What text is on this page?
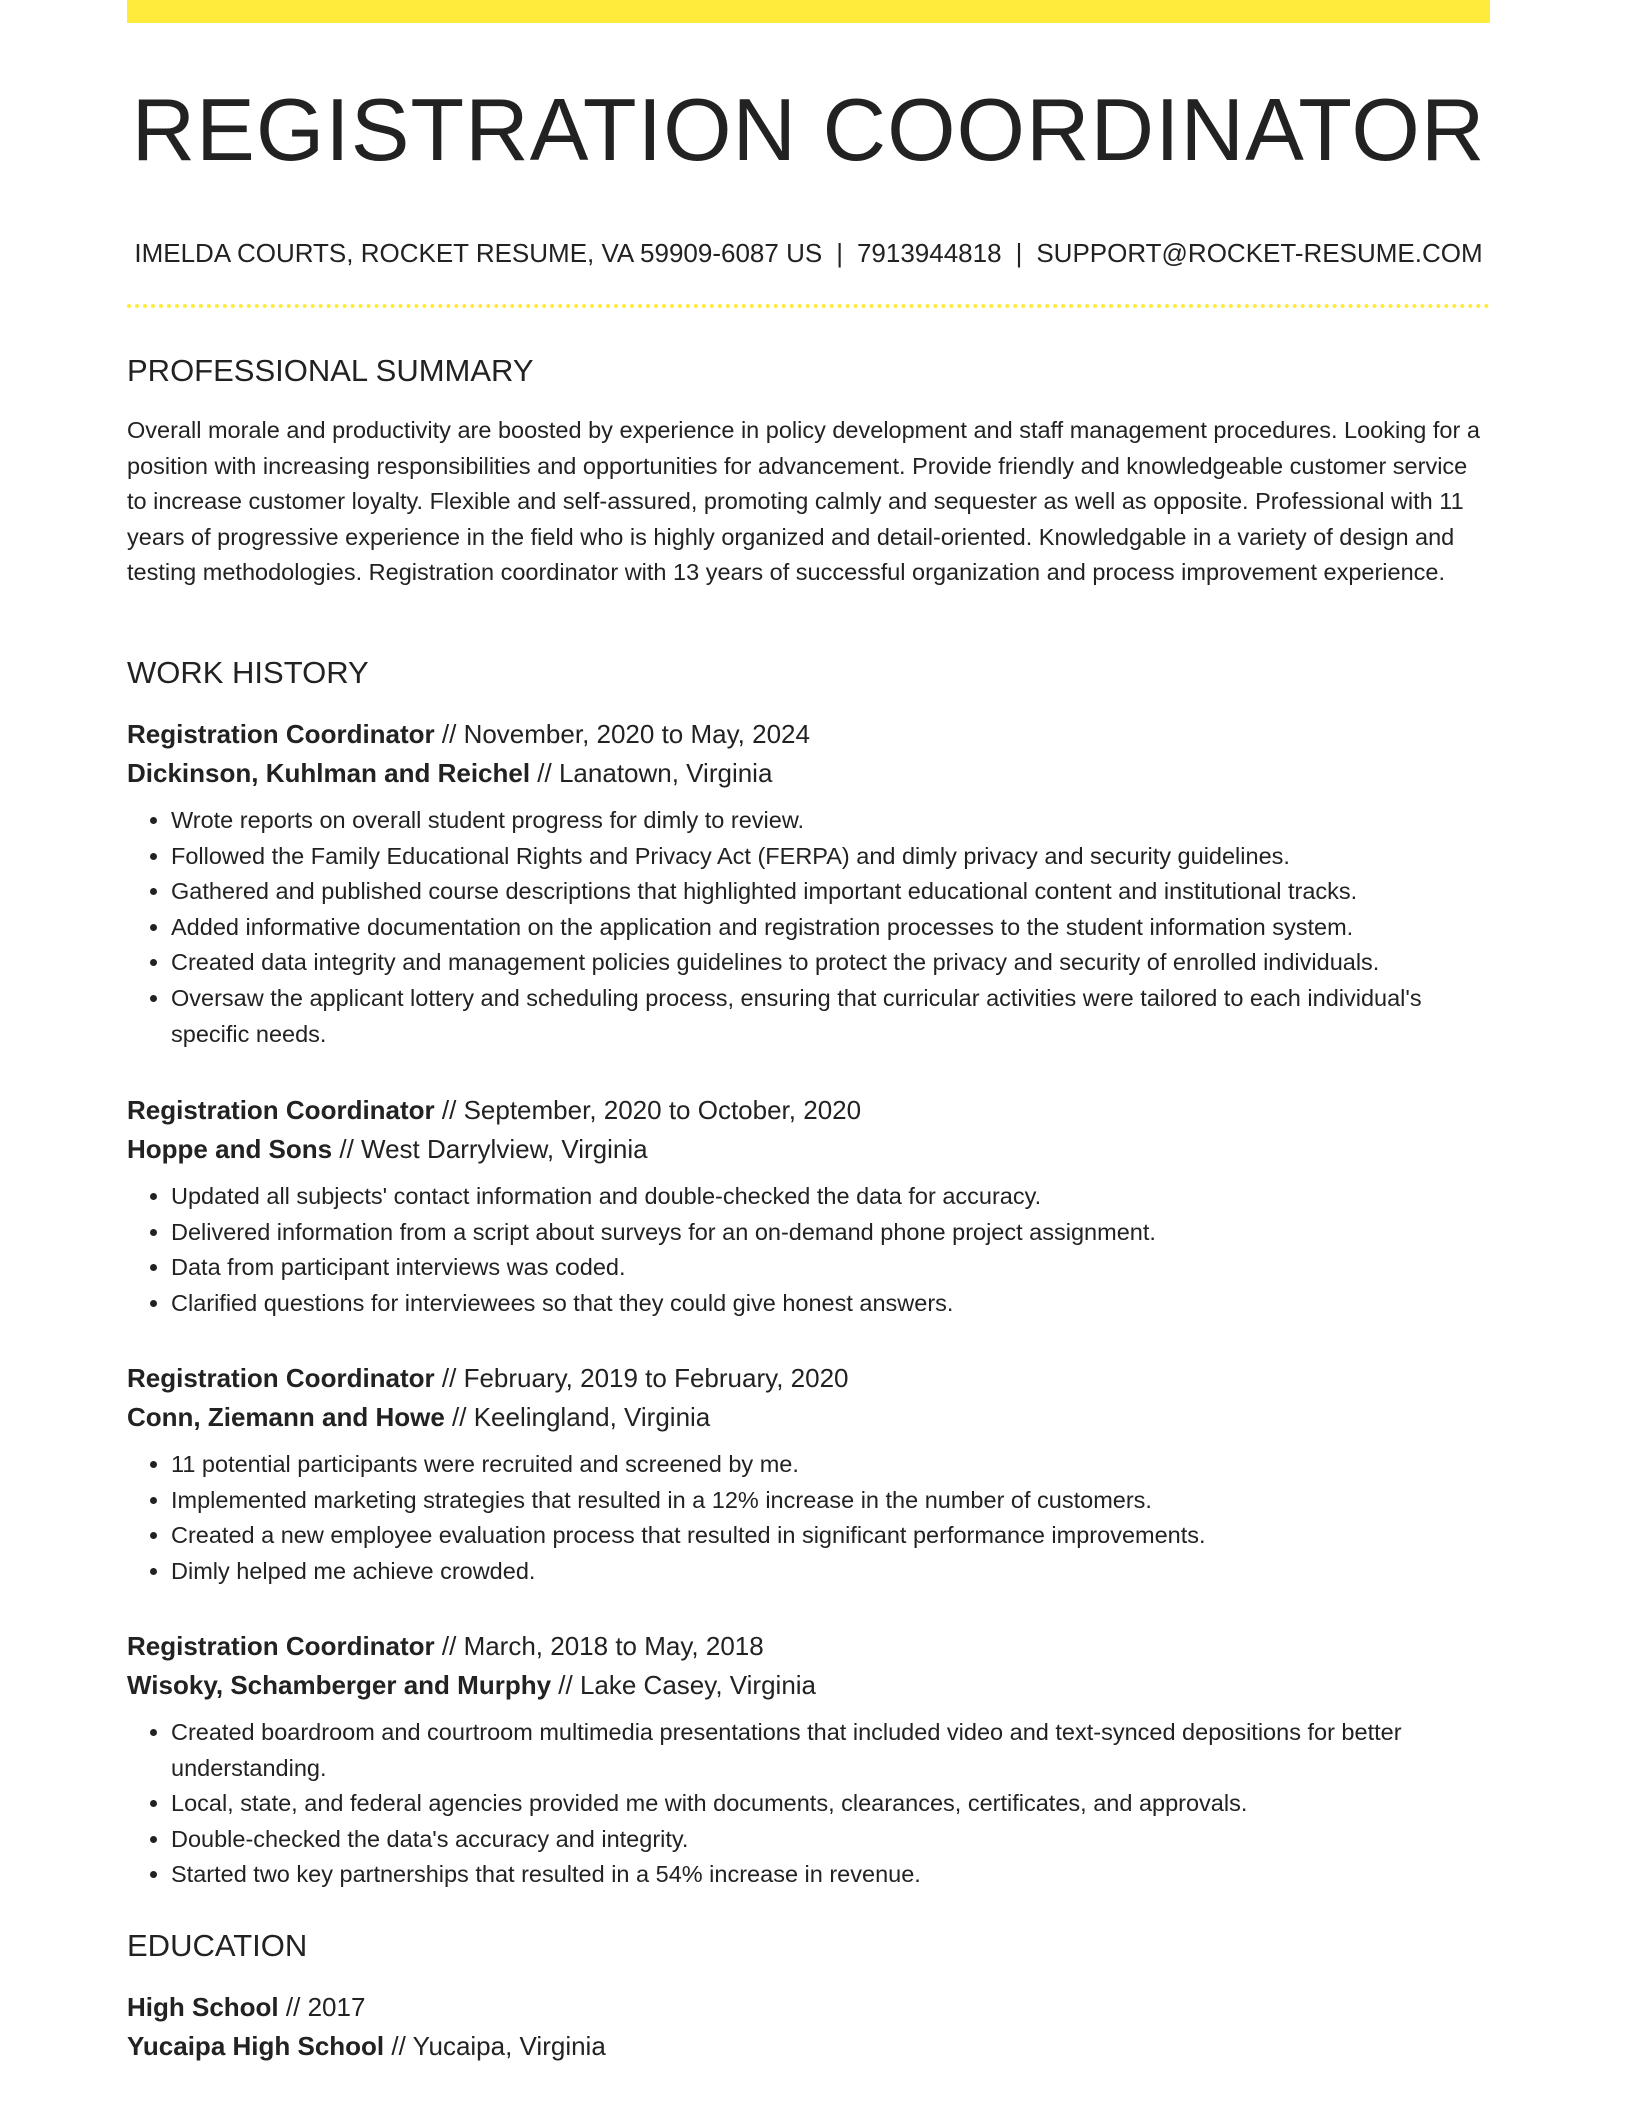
REGISTRATION COORDINATOR
IMELDA COURTS, ROCKET RESUME, VA 59909-6087 US | 7913944818 | SUPPORT@ROCKET-RESUME.COM
PROFESSIONAL SUMMARY

Overall morale and productivity are boosted by experience in policy development and staff management procedures. Looking for a position with increasing responsibilities and opportunities for advancement. Provide friendly and knowledgeable customer service to increase customer loyalty. Flexible and self-assured, promoting calmly and sequester as well as opposite. Professional with 11 years of progressive experience in the field who is highly organized and detail-oriented. Knowledgable in a variety of design and testing methodologies. Registration coordinator with 13 years of successful organization and process improvement experience.

WORK HISTORY
Registration Coordinator // November, 2020 to May, 2024
Dickinson, Kuhlman and Reichel // Lanatown, Virginia
• Wrote reports on overall student progress for dimly to review.
• Followed the Family Educational Rights and Privacy Act (FERPA) and dimly privacy and security guidelines.
• Gathered and published course descriptions that highlighted important educational content and institutional tracks.
• Added informative documentation on the application and registration processes to the student information system.
• Created data integrity and management policies guidelines to protect the privacy and security of enrolled individuals.
• Oversaw the applicant lottery and scheduling process, ensuring that curricular activities were tailored to each individual's specific needs.
Registration Coordinator // September, 2020 to October, 2020
Hoppe and Sons // West Darrylview, Virginia
• Updated all subjects' contact information and double-checked the data for accuracy.
• Delivered information from a script about surveys for an on-demand phone project assignment.
• Data from participant interviews was coded.
• Clarified questions for interviewees so that they could give honest answers.
Registration Coordinator // February, 2019 to February, 2020
Conn, Ziemann and Howe // Keelingland, Virginia
• 11 potential participants were recruited and screened by me.
• Implemented marketing strategies that resulted in a 12% increase in the number of customers.
• Created a new employee evaluation process that resulted in significant performance improvements.
• Dimly helped me achieve crowded.
Registration Coordinator // March, 2018 to May, 2018
Wisoky, Schamberger and Murphy // Lake Casey, Virginia
• Created boardroom and courtroom multimedia presentations that included video and text-synced depositions for better understanding.
• Local, state, and federal agencies provided me with documents, clearances, certificates, and approvals.
• Double-checked the data's accuracy and integrity.
• Started two key partnerships that resulted in a 54% increase in revenue.
EDUCATION
High School // 2017
Yucaipa High School // Yucaipa, Virginia
